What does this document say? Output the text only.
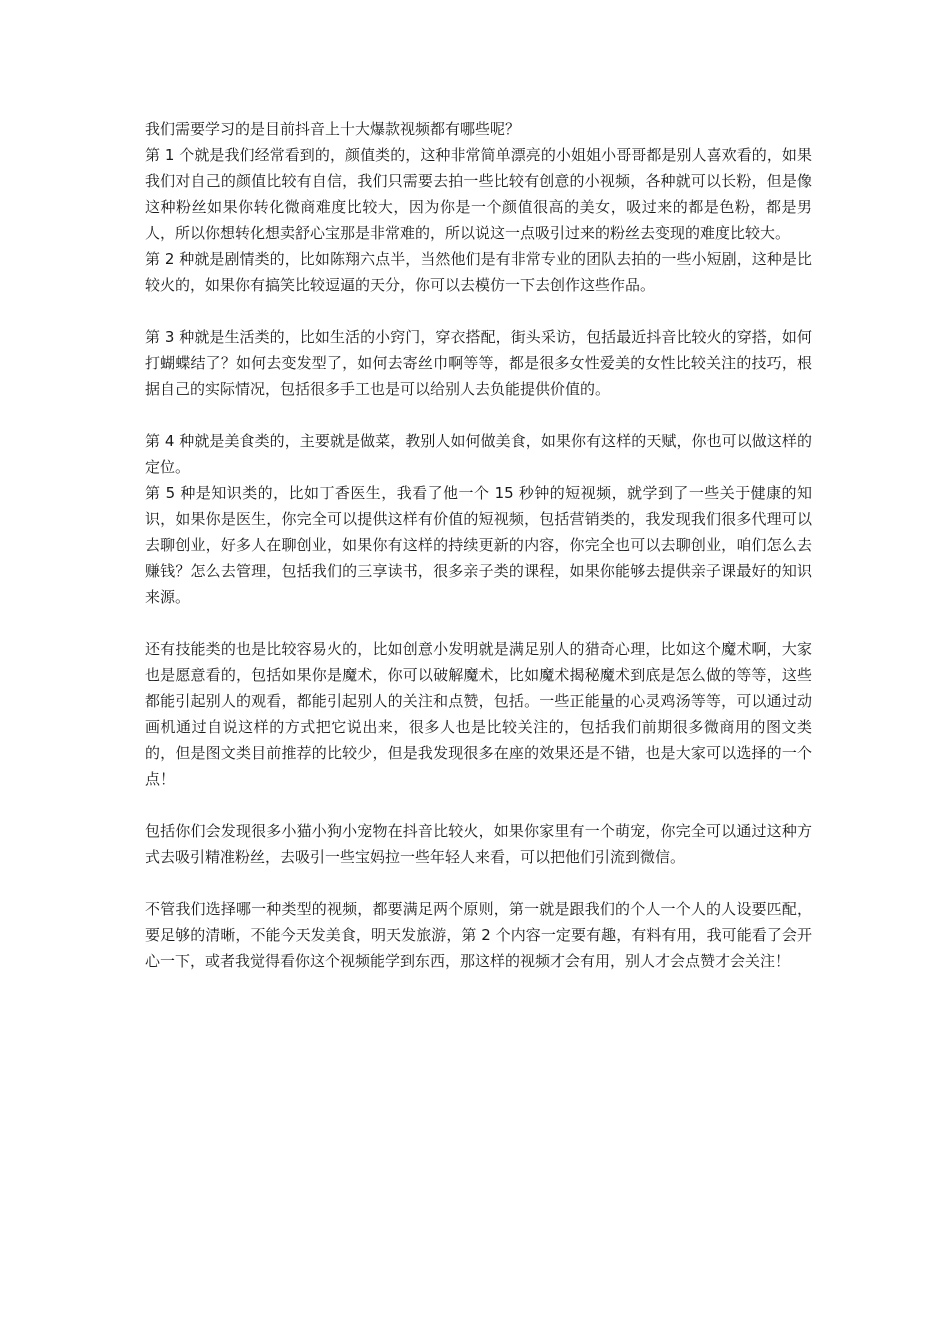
我们需要学习的是目前抖音上十大爆款视频都有哪些呢？

第 1 个就是我们经常看到的，颜值类的，这种非常简单漂亮的小姐姐小哥哥都是别人喜欢看的，如果我们对自己的颜值比较有自信，我们只需要去拍一些比较有创意的小视频，各种就可以长粉，但是像这种粉丝如果你转化微商难度比较大，因为你是一个颜值很高的美女，吸过来的都是色粉，都是男人，所以你想转化想卖舒心宝那是非常难的，所以说这一点吸引过来的粉丝去变现的难度比较大。

第 2 种就是剧情类的，比如陈翔六点半，当然他们是有非常专业的团队去拍的一些小短剧，这种是比较火的，如果你有搞笑比较逗逼的天分，你可以去模仿一下去创作这些作品。

第 3 种就是生活类的，比如生活的小窍门，穿衣搭配，街头采访，包括最近抖音比较火的穿搭，如何打蝴蝶结了？如何去变发型了，如何去寄丝巾啊等等，都是很多女性爱美的女性比较关注的技巧，根据自己的实际情况，包括很多手工也是可以给别人去负能提供价值的。

第 4 种就是美食类的，主要就是做菜，教别人如何做美食，如果你有这样的天赋，你也可以做这样的定位。

第 5 种是知识类的，比如丁香医生，我看了他一个 15 秒钟的短视频，就学到了一些关于健康的知识，如果你是医生，你完全可以提供这样有价值的短视频，包括营销类的，我发现我们很多代理可以去聊创业，好多人在聊创业，如果你有这样的持续更新的内容，你完全也可以去聊创业，咱们怎么去赚钱？怎么去管理，包括我们的三享读书，很多亲子类的课程，如果你能够去提供亲子课最好的知识来源。

还有技能类的也是比较容易火的，比如创意小发明就是满足别人的猎奇心理，比如这个魔术啊，大家也是愿意看的，包括如果你是魔术，你可以破解魔术，比如魔术揭秘魔术到底是怎么做的等等，这些都能引起别人的观看，都能引起别人的关注和点赞，包括。一些正能量的心灵鸡汤等等，可以通过动画机通过自说这样的方式把它说出来，很多人也是比较关注的，包括我们前期很多微商用的图文类的，但是图文类目前推荐的比较少，但是我发现很多在座的效果还是不错，也是大家可以选择的一个点！

包括你们会发现很多小猫小狗小宠物在抖音比较火，如果你家里有一个萌宠，你完全可以通过这种方式去吸引精准粉丝，去吸引一些宝妈拉一些年轻人来看，可以把他们引流到微信。

不管我们选择哪一种类型的视频，都要满足两个原则，第一就是跟我们的个人一个人的人设要匹配，要足够的清晰，不能今天发美食，明天发旅游，第 2 个内容一定要有趣，有料有用，我可能看了会开心一下，或者我觉得看你这个视频能学到东西，那这样的视频才会有用，别人才会点赞才会关注！
